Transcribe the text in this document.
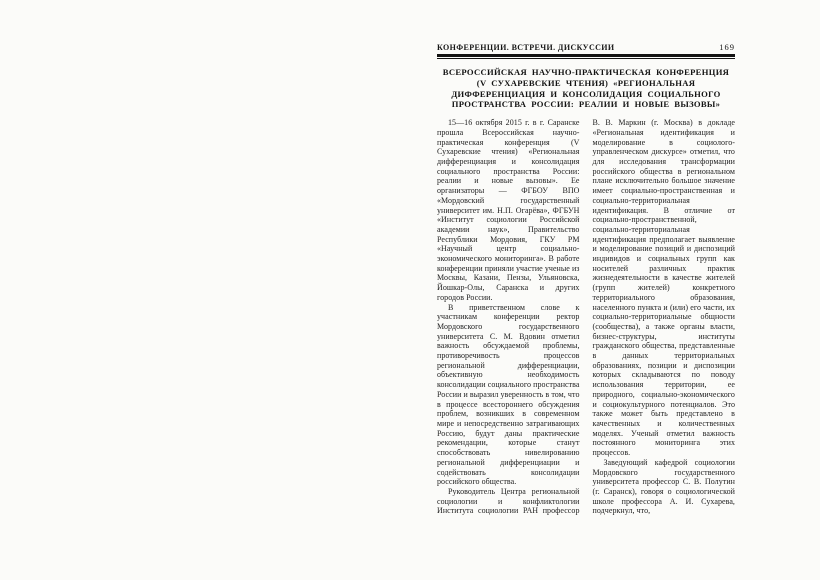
КОНФЕРЕНЦИИ. ВСТРЕЧИ. ДИСКУССИИ	169
ВСЕРОССИЙСКАЯ НАУЧНО-ПРАКТИЧЕСКАЯ КОНФЕРЕНЦИЯ
(V СУХАРЕВСКИЕ ЧТЕНИЯ) «РЕГИОНАЛЬНАЯ
ДИФФЕРЕНЦИАЦИЯ И КОНСОЛИДАЦИЯ СОЦИАЛЬНОГО
ПРОСТРАНСТВА РОССИИ: РЕАЛИИ И НОВЫЕ ВЫЗОВЫ»

15—16 октября 2015 г. в г. Саранске прошла Всероссийская научно-практическая конференция (V Сухаревские чтения) «Региональная дифференциация и консолидация социального пространства России: реалии и новые вызовы». Ее организаторы — ФГБОУ ВПО «Мордовский государственный университет им. Н.П. Огарёва», ФГБУН «Институт социологии Российской академии наук», Правительство Республики Мордовия, ГКУ РМ «Научный центр социально-экономического мониторинга». В работе конференции приняли участие ученые из Москвы, Казани, Пензы, Ульяновска, Йошкар-Олы, Саранска и других городов России.

В приветственном слове к участникам конференции ректор Мордовского государственного университета С. М. Вдовин отметил важность обсуждаемой проблемы, противоречивость процессов региональной дифференциации, объективную необходимость консолидации социального пространства России и выразил уверенность в том, что в процессе всестороннего обсуждения проблем, возникших в современном мире и непосредственно затрагивающих Россию, будут даны практические рекомендации, которые станут способствовать нивелированию региональной дифференциации и содействовать консолидации российского общества.

Руководитель Центра региональной социологии и конфликтологии Института социологии РАН профессор В. В. Маркин (г. Москва) в докладе «Региональная идентификация и моделирование в социолого-управленческом дискурсе» отметил, что для исследования трансформации российского общества в региональном плане исключительно большое значение имеет социально-пространственная и социально-территориальная идентификация. В отличие от социально-пространственной, социально-территориальная идентификация предполагает выявление и моделирование позиций и диспозиций индивидов и социальных групп как носителей различных практик жизнедеятельности в качестве жителей (групп жителей) конкретного территориального образования, населенного пункта и (или) его части, их социально-территориальные общности (сообщества), а также органы власти, бизнес-структуры, институты гражданского общества, представленные в данных территориальных образованиях, позиции и диспозиции которых складываются по поводу использования территории, ее природного, социально-экономического и социокультурного потенциалов. Это также может быть представлено в качественных и количественных моделях. Ученый отметил важность постоянного мониторинга этих процессов.

Заведующий кафедрой социологии Мордовского государственного университета профессор С. В. Полутин (г. Саранск), говоря о социологической школе профессора А. И. Сухарева, подчеркнул, что,
